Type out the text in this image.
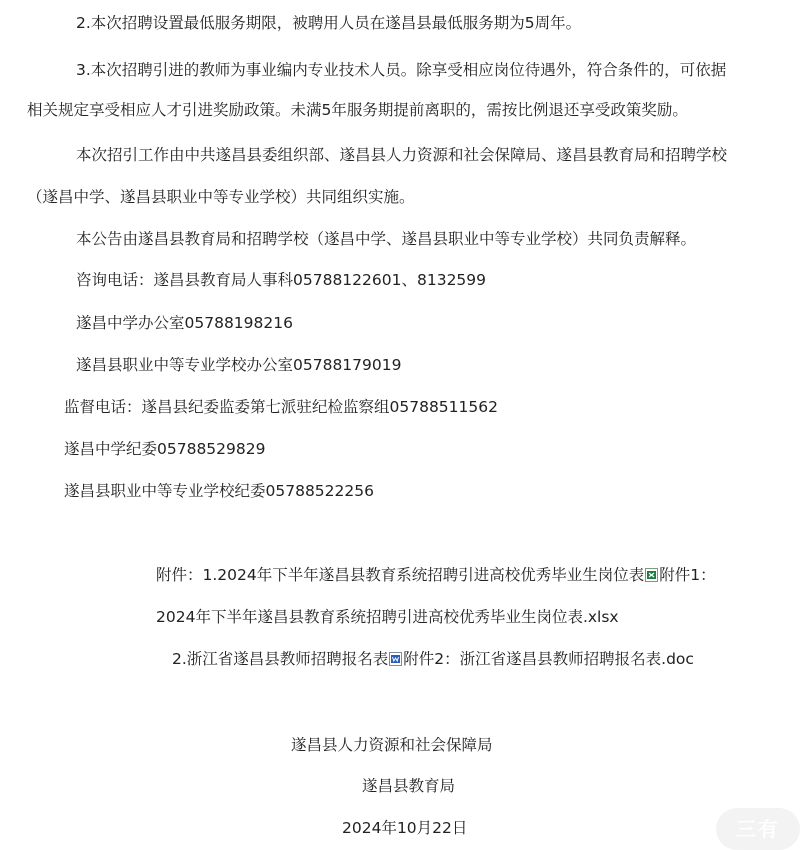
2.本次招聘设置最低服务期限，被聘用人员在遂昌县最低服务期为5周年。
3.本次招聘引进的教师为事业编内专业技术人员。除享受相应岗位待遇外，符合条件的，可依据
相关规定享受相应人才引进奖励政策。未满5年服务期提前离职的，需按比例退还享受政策奖励。
本次招引工作由中共遂昌县委组织部、遂昌县人力资源和社会保障局、遂昌县教育局和招聘学校
（遂昌中学、遂昌县职业中等专业学校）共同组织实施。
本公告由遂昌县教育局和招聘学校（遂昌中学、遂昌县职业中等专业学校）共同负责解释。
咨询电话：遂昌县教育局人事科05788122601、8132599
遂昌中学办公室05788198216
遂昌县职业中等专业学校办公室05788179019
监督电话：遂昌县纪委监委第七派驻纪检监察组05788511562
遂昌中学纪委05788529829
遂昌县职业中等专业学校纪委05788522256
附件：1.2024年下半年遂昌县教育系统招聘引进高校优秀毕业生岗位表 附件1：
2024年下半年遂昌县教育系统招聘引进高校优秀毕业生岗位表.xlsx
2.浙江省遂昌县教师招聘报名表 附件2：浙江省遂昌县教师招聘报名表.doc
遂昌县人力资源和社会保障局
遂昌县教育局
2024年10月22日	三有
